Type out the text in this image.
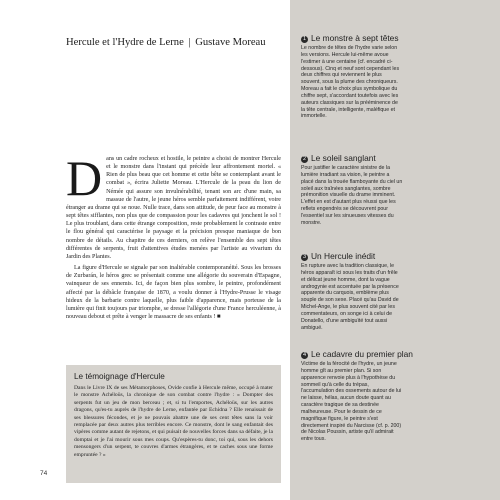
Hercule et l'Hydre de Lerne | Gustave Moreau

D ans un cadre rocheux et hostile, le peintre a choisi de montrer Hercule et le monstre dans l'instant qui précède leur affrontement mortel. « Rien de plus beau que cet homme et cette bête se contemplant avant le combat », écrira Juliette Moreau. L'Hercule de la peau du lion de Némée qui assure son invulnérabilité, tenant son arc d'une main, sa massue de l'autre, le jeune héros semble parfaitement indifférent, voire étranger au drame qui se noue. Nulle trace, dans son attitude, de peur face au monstre à sept têtes sifflantes, non plus que de compassion pour les cadavres qui jonchent le sol ! Le plus troublant, dans cette étrange composition, reste probablement le contraste entre le flou général qui caractérise le paysage et la précision presque maniaque de bon nombre de détails. Au chapitre de ces derniers, on relève l'ensemble des sept têtes différentes de serpents, fruit d'attentives études menées par l'artiste au vivarium du Jardin des Plantes.

La figure d'Hercule se signale par son inaltérable contemporanéité. Sous les brosses de Zurbarán, le héros grec se présentait comme une allégorie du souverain d'Espagne, vainqueur de ses ennemis. Ici, de façon bien plus sombre, le peintre, profondément affecté par la débâcle française de 1870, a voulu donner à l'Hydre-Prusse le visage hideux de la barbarie contre laquelle, plus faible d'apparence, mais porteuse de la lumière qui finit toujours par triomphe, se dresse l'allégorie d'une France herculéenne, à nouveau debout et prête à venger le massacre de ses enfants ! ■

Le témoignage d'Hercule
Dans le Livre IX de ses Métamorphoses, Ovide confie à Hercule même, occupé à mater le monstre Achéloüs, la chronique de son combat contre l'hydre : « Dompter des serpents fut un jeu de mon berceau ; et, si tu l'emportes, Achéloüs, sur les autres dragons, qu'es-tu auprès de l'hydre de Lerne, enfantée par Echidna ? Elle renaissait de ses blessures fécondes, et je ne pouvais abattre une de ses cent têtes sans la voir remplacée par deux autres plus terribles encore. Ce monstre, dont le sang enfantait des vipères comme autant de rejetons, et qui puisait de nouvelles forces dans sa défaite, je la domptai et je l'ai mourir sous mes coups. Qu'espères-tu donc, toi qui, sous les dehors mensongers d'un serpent, te couvres d'armes étrangères, et te caches sous une forme empruntée ? »
74
1 Le monstre à sept têtes
Le nombre de têtes de l'hydre varie selon les versions. Hercule lui-même avoue l'estimer à une centaine (cf. encadré ci-dessous). Cinq et neuf sont cependant les deux chiffres qui reviennent le plus souvent, sous la plume des chroniqueurs. Moreau a fait le choix plus symbolique du chiffre sept, s'accordant toutefois avec les auteurs classiques sur la prééminence de la tête centrale, intelligente, maléfique et immortelle.
2 Le soleil sanglant
Pour justifier le caractère sinistre de la lumière irradiant sa vision, le peintre a placé dans la trouée flamboyante du ciel un soleil aux traînées sanglantes, sombre prémonition visuelle du drame imminent. L'effet en est d'autant plus réussi que les reflets engendrés se découvrent pour l'essentiel sur les sinueuses vitesses du monstre.
3 Un Hercule inédit
En rupture avec la tradition classique, le héros apparaît ici sous les traits d'un frêle et délicat jeune homme, dont la vague androgynie est accentuée par la présence apparente du carquois, emblème plus souple de son sexe. Placé qu'au David de Michel-Ange, le plus souvent cité par les commentateurs, on songe ici à celui de Donatello, d'une ambiguïté tout aussi ambiguë.
4 Le cadavre du premier plan
Victime de la férocité de l'hydre, un jeune homme gît au premier plan. Si son apparence renvoie plus à l'hypothèse du sommeil qu'à celle du trépas, l'accumulation des ossements autour de lui ne laisse, hélas, aucun doute quant au caractère tragique de sa destinée malheureuse. Pour le dessin de ce magnifique figure, le peintre s'est directement inspiré du Narcisse (cf. p. 200) de Nicolas Poussin, artiste qu'il admirait entre tous.
